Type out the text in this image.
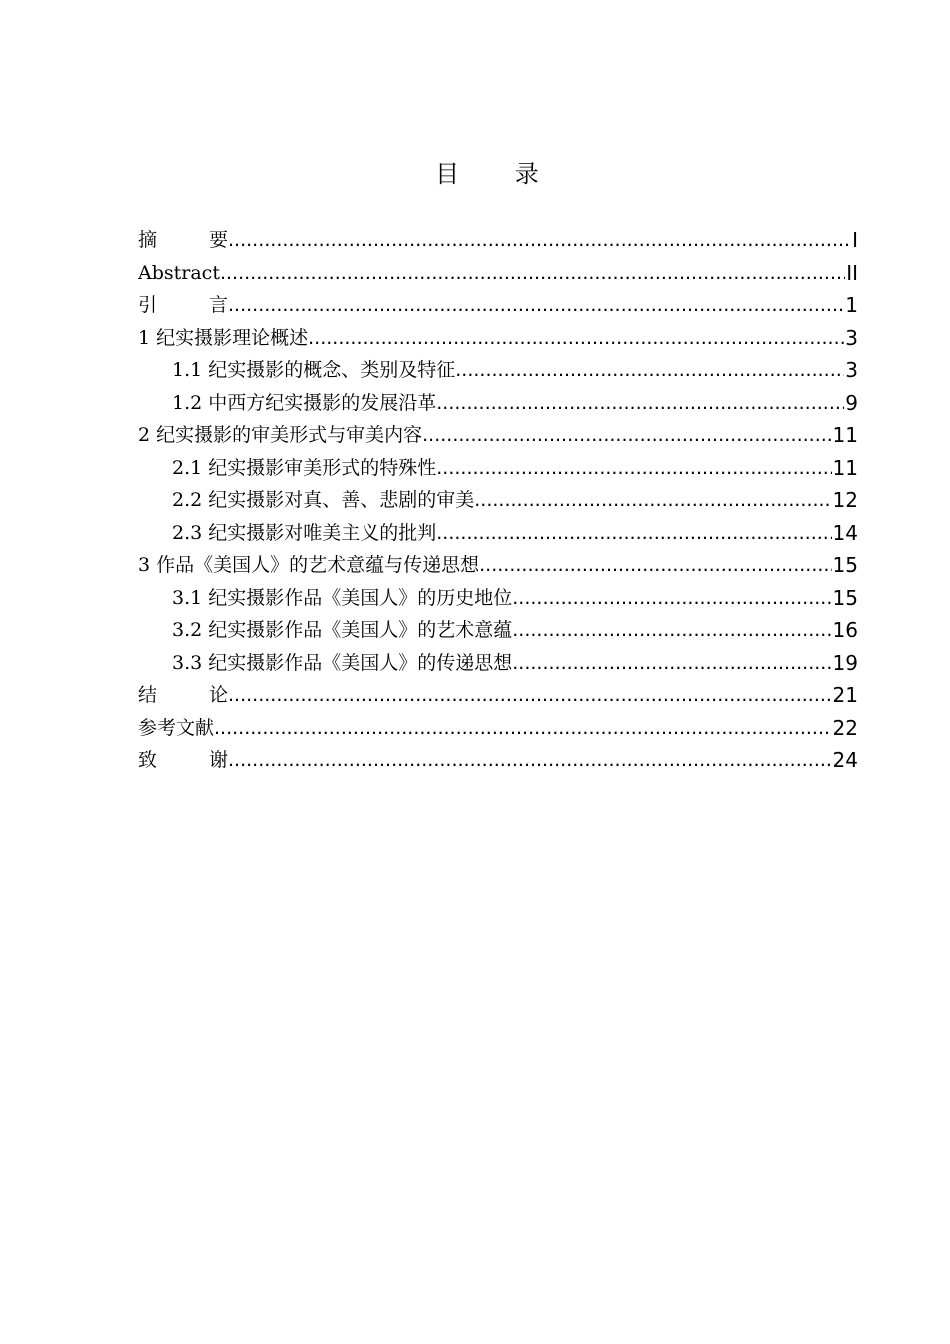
目 录
摘要 .....	I
Abstract .....	II
引言 .....	1
1 纪实摄影理论概述 .....	3
1.1 纪实摄影的概念、类别及特征 .....	3
1.2 中西方纪实摄影的发展沿革 .....	9
2 纪实摄影的审美形式与审美内容 .....	11
2.1 纪实摄影审美形式的特殊性 .....	11
2.2 纪实摄影对真、善、悲剧的审美 .....	12
2.3 纪实摄影对唯美主义的批判 .....	14
3 作品《美国人》的艺术意蕴与传递思想 .....	15
3.1 纪实摄影作品《美国人》的历史地位 .....	15
3.2 纪实摄影作品《美国人》的艺术意蕴 .....	16
3.3 纪实摄影作品《美国人》的传递思想 .....	19
结论 .....	21
参考文献 .....	22
致谢 .....	24
